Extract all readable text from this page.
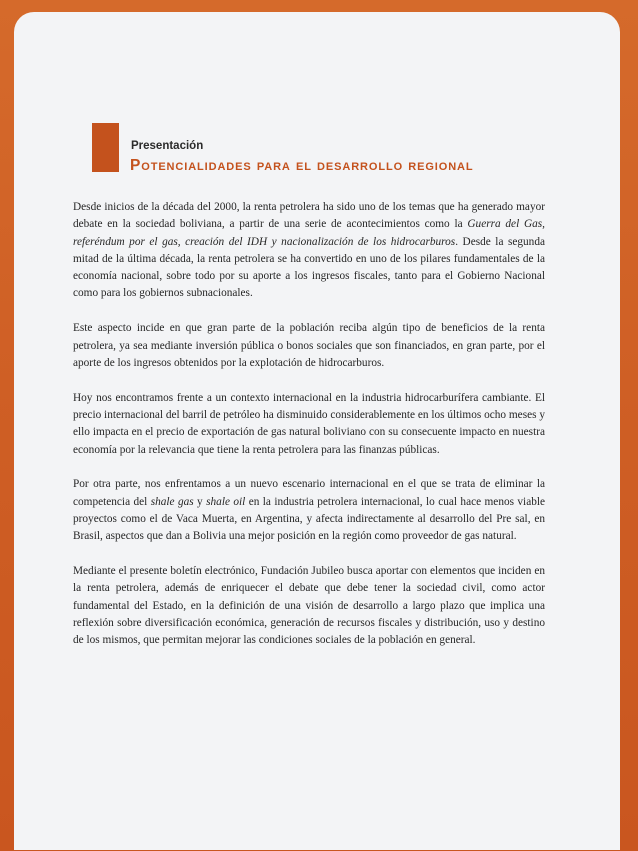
Presentación
Potencialidades para el desarrollo regional

Desde inicios de la década del 2000, la renta petrolera ha sido uno de los temas que ha generado mayor debate en la sociedad boliviana, a partir de una serie de acontecimientos como la Guerra del Gas, referéndum por el gas, creación del IDH y nacionalización de los hidrocarburos. Desde la segunda mitad de la última década, la renta petrolera se ha convertido en uno de los pilares fundamentales de la economía nacional, sobre todo por su aporte a los ingresos fiscales, tanto para el Gobierno Nacional como para los gobiernos subnacionales.

Este aspecto incide en que gran parte de la población reciba algún tipo de beneficios de la renta petrolera, ya sea mediante inversión pública o bonos sociales que son financiados, en gran parte, por el aporte de los ingresos obtenidos por la explotación de hidrocarburos.

Hoy nos encontramos frente a un contexto internacional en la industria hidrocarburífera cambiante. El precio internacional del barril de petróleo ha disminuido considerablemente en los últimos ocho meses y ello impacta en el precio de exportación de gas natural boliviano con su consecuente impacto en nuestra economía por la relevancia que tiene la renta petrolera para las finanzas públicas.

Por otra parte, nos enfrentamos a un nuevo escenario internacional en el que se trata de eliminar la competencia del shale gas y shale oil en la industria petrolera internacional, lo cual hace menos viable proyectos como el de Vaca Muerta, en Argentina, y afecta indirectamente al desarrollo del Pre sal, en Brasil, aspectos que dan a Bolivia una mejor posición en la región como proveedor de gas natural.

Mediante el presente boletín electrónico, Fundación Jubileo busca aportar con elementos que inciden en la renta petrolera, además de enriquecer el debate que debe tener la sociedad civil, como actor fundamental del Estado, en la definición de una visión de desarrollo a largo plazo que implica una reflexión sobre diversificación económica, generación de recursos fiscales y distribución, uso y destino de los mismos, que permitan mejorar las condiciones sociales de la población en general.
